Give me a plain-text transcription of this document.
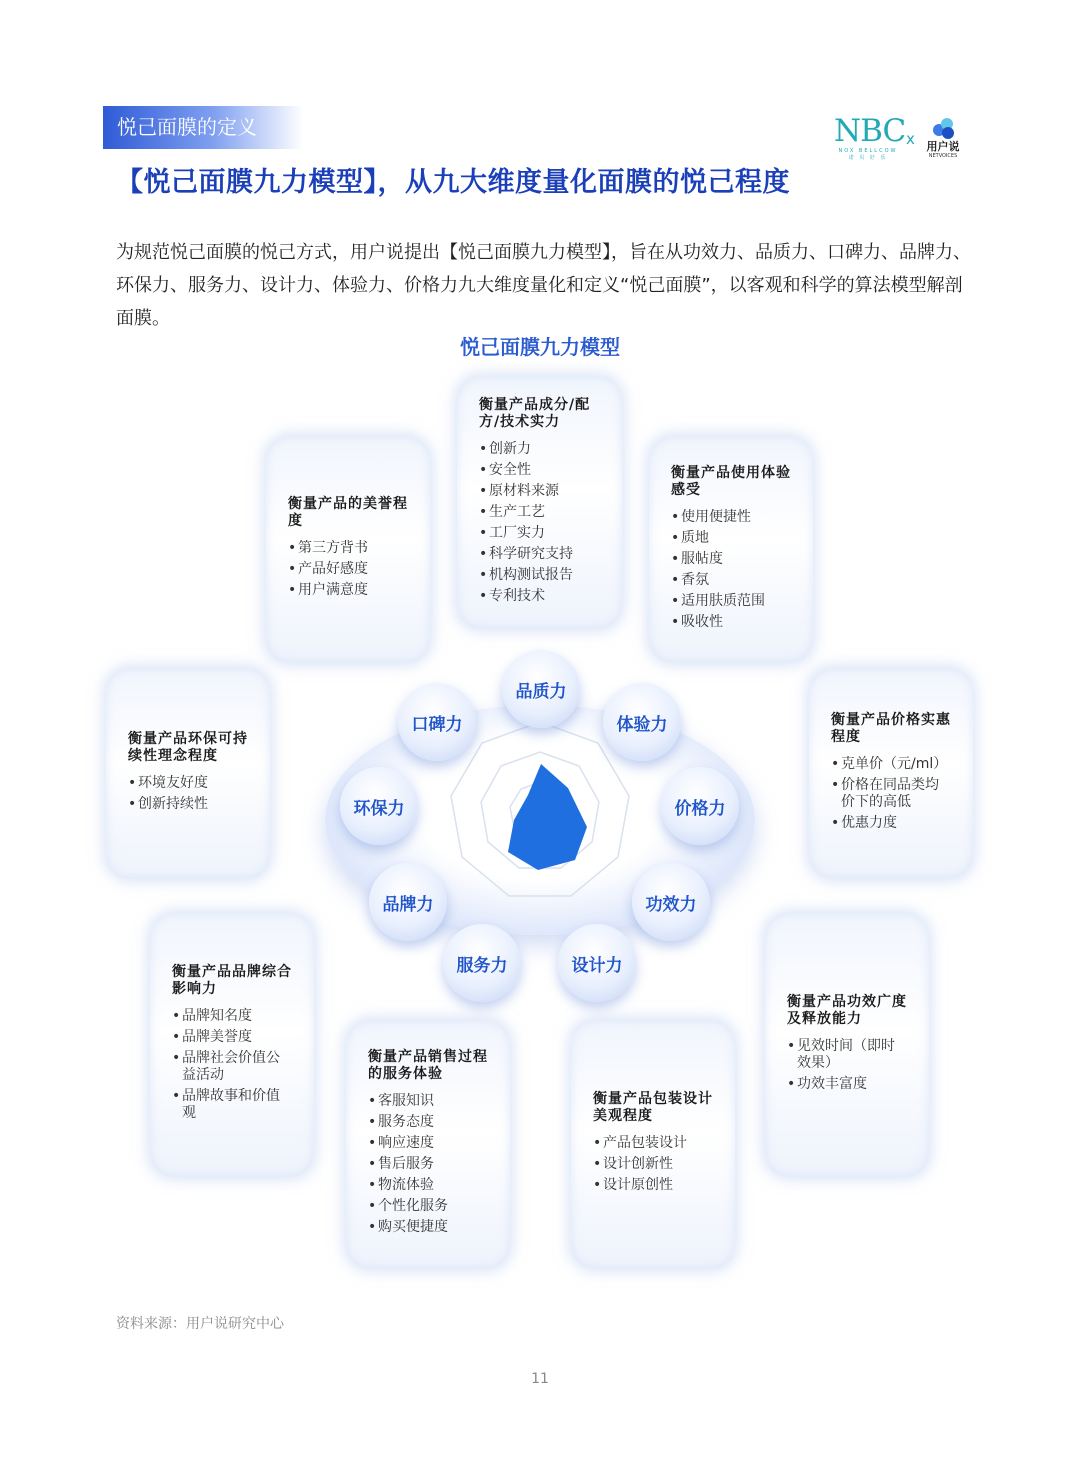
悦己面膜的定义	NBC
NOX BELLCOW
诺 贝 好 乐
x	用户说
NETVOICES
【悦己面膜九力模型】，从九大维度量化面膜的悦己程度

为规范悦己面膜的悦己方式，用户说提出【悦己面膜九力模型】，旨在从功效力、品质力、口碑力、品牌力、环保力、服务力、设计力、体验力、价格力九大维度量化和定义“悦己面膜”，以客观和科学的算法模型解剖面膜。

悦己面膜九力模型
衡量产品成分/配方/技术实力
• 创新力
• 安全性
• 原材料来源
• 生产工艺
• 工厂实力
• 科学研究支持
• 机构测试报告
• 专利技术
衡量产品的美誉程度
• 第三方背书
• 产品好感度
• 用户满意度
衡量产品使用体验感受
• 使用便捷性
• 质地
• 服帖度
• 香氛
• 适用肤质范围
• 吸收性
衡量产品环保可持续性理念程度
• 环境友好度
• 创新持续性
衡量产品价格实惠程度
• 克单价（元/ml）
• 价格在同品类均价下的高低
• 优惠力度
衡量产品品牌综合影响力
• 品牌知名度
• 品牌美誉度
• 品牌社会价值公益活动
• 品牌故事和价值观
衡量产品功效广度及释放能力
• 见效时间（即时效果）
• 功效丰富度
衡量产品销售过程的服务体验
• 客服知识
• 服务态度
• 响应速度
• 售后服务
• 物流体验
• 个性化服务
• 购买便捷度
衡量产品包装设计美观程度
• 产品包装设计
• 设计创新性
• 设计原创性
品质力
口碑力	体验力
环保力	价格力
品牌力	功效力
服务力	设计力
资料来源：用户说研究中心
11
